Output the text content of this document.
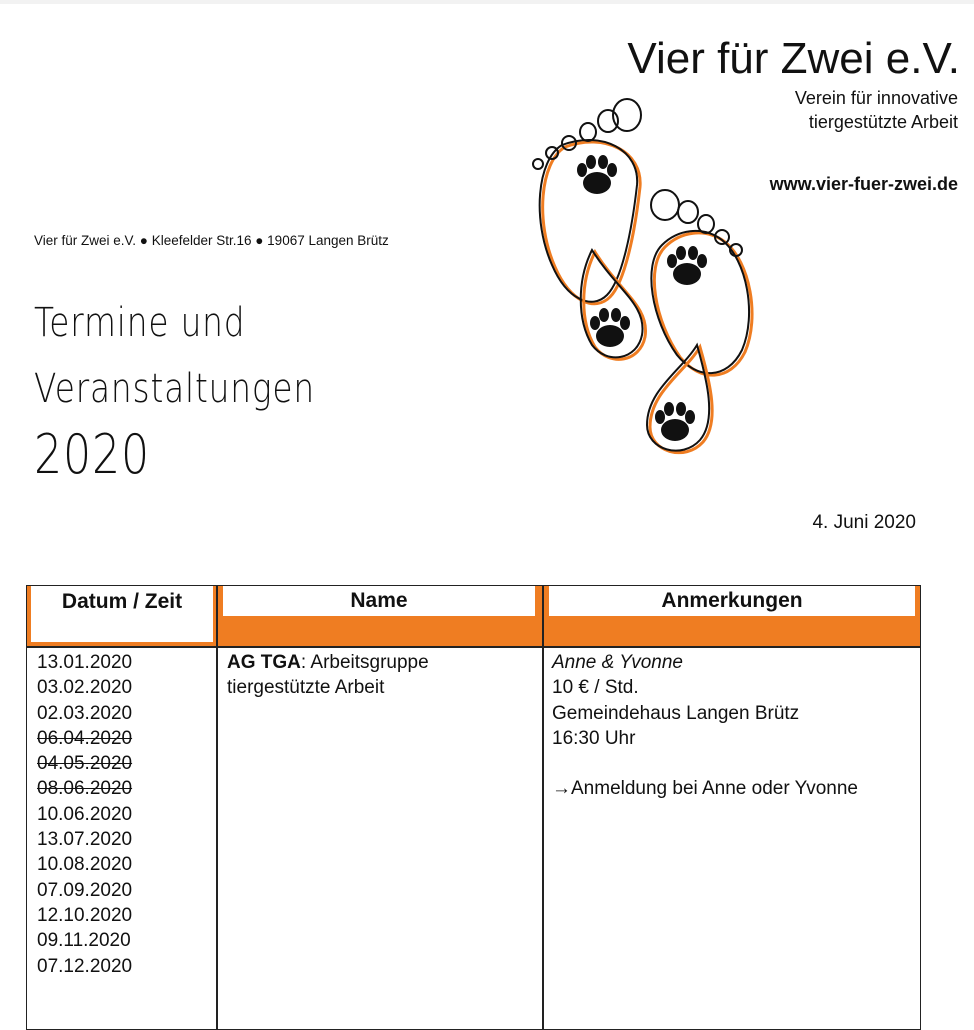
Vier für Zwei e.V.
Verein für innovative
tiergestützte Arbeit
www.vier-fuer-zwei.de
Vier für Zwei e.V. ● Kleefelder Str.16 ● 19067 Langen Brütz
Termine und
Veranstaltungen
2020
4. Juni 2020
Datum / Zeit	Name	Anmerkungen
13.01.2020
03.02.2020
02.03.2020
06.04.2020
04.05.2020
08.06.2020
10.06.2020
13.07.2020
10.08.2020
07.09.2020
12.10.2020
09.11.2020
07.12.2020
AG TGA: Arbeitsgruppe
tiergestützte Arbeit
Anne & Yvonne
10 € / Std.
Gemeindehaus Langen Brütz
16:30 Uhr
→Anmeldung bei Anne oder Yvonne
